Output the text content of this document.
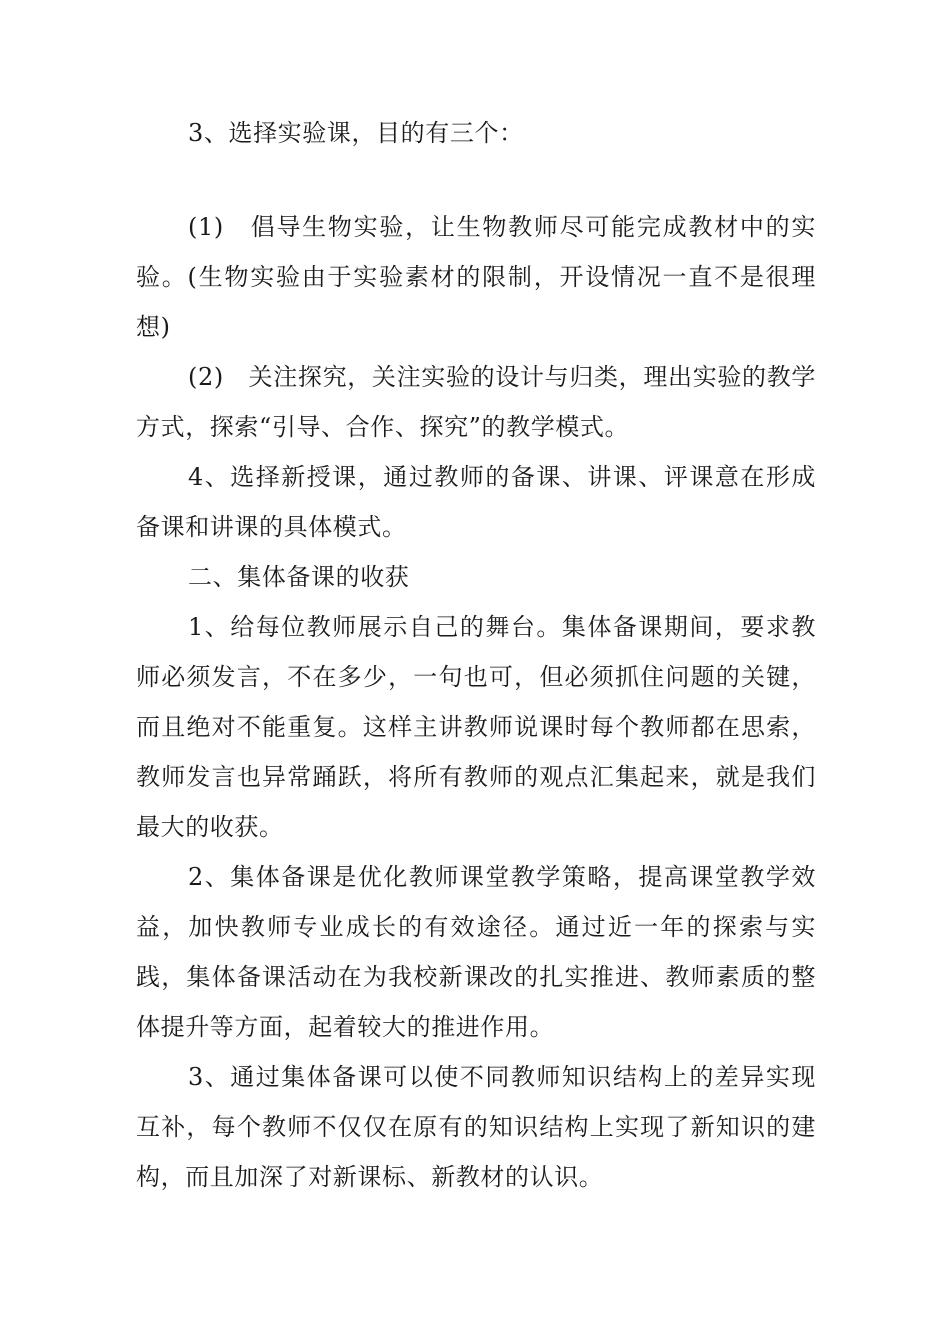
3、选择实验课，目的有三个：

(1)　倡导生物实验，让生物教师尽可能完成教材中的实验。(生物实验由于实验素材的限制，开设情况一直不是很理想)

(2)　关注探究，关注实验的设计与归类，理出实验的教学方式，探索“引导、合作、探究”的教学模式。

4、选择新授课，通过教师的备课、讲课、评课意在形成备课和讲课的具体模式。

二、集体备课的收获

1、给每位教师展示自己的舞台。集体备课期间，要求教师必须发言，不在多少，一句也可，但必须抓住问题的关键，而且绝对不能重复。这样主讲教师说课时每个教师都在思索，教师发言也异常踊跃，将所有教师的观点汇集起来，就是我们最大的收获。

2、集体备课是优化教师课堂教学策略，提高课堂教学效益，加快教师专业成长的有效途径。通过近一年的探索与实践，集体备课活动在为我校新课改的扎实推进、教师素质的整体提升等方面，起着较大的推进作用。

3、通过集体备课可以使不同教师知识结构上的差异实现互补，每个教师不仅仅在原有的知识结构上实现了新知识的建构，而且加深了对新课标、新教材的认识。
